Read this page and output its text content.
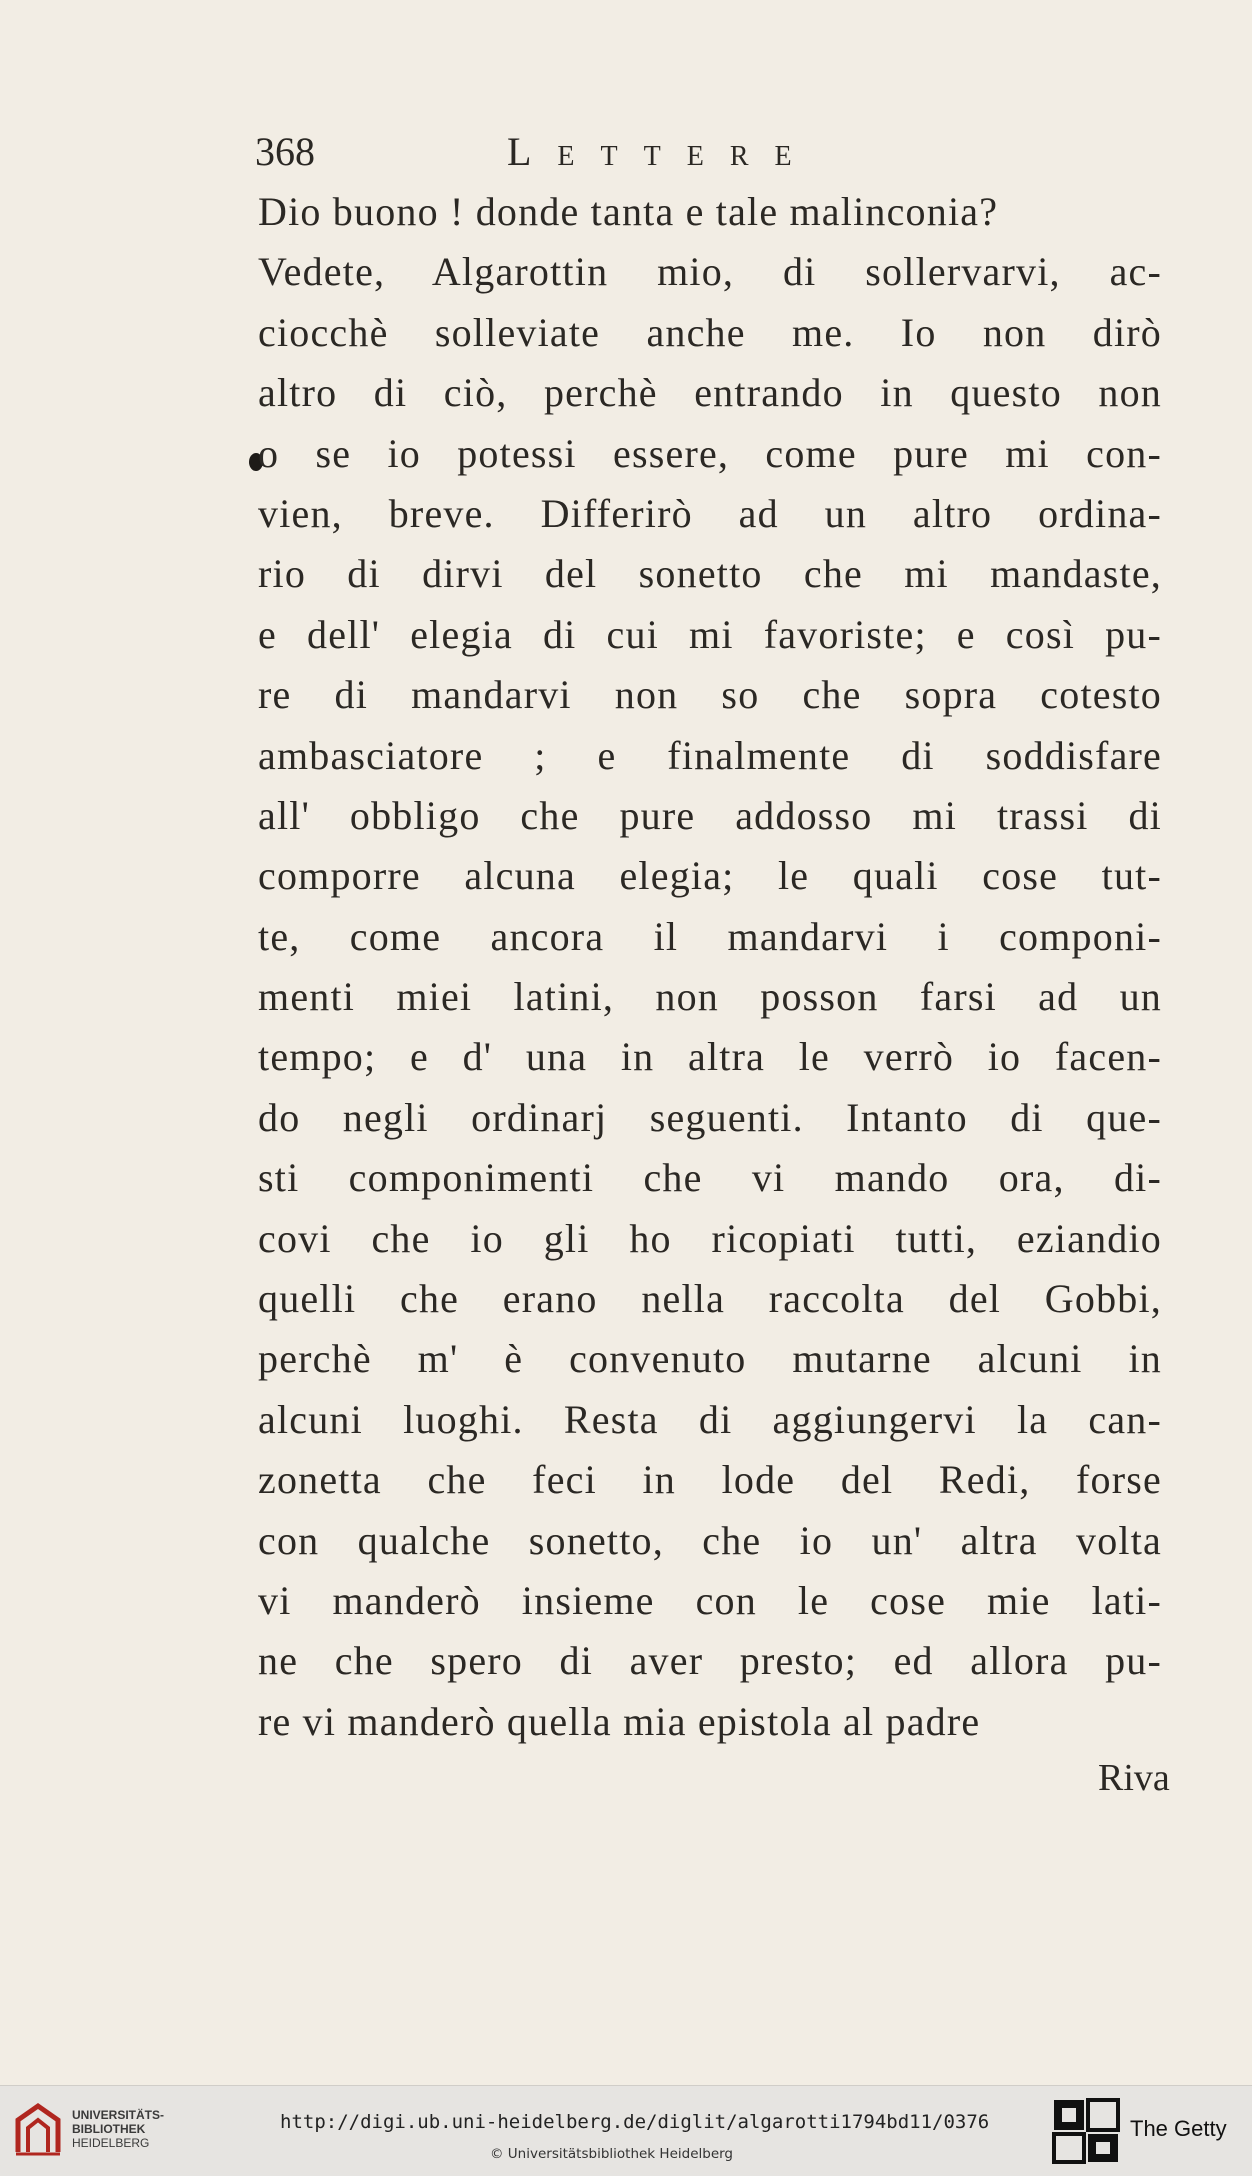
368	Lettere
Dio buono ! donde tanta e tale malinconia?
Vedete, Algarottin mio, di sollervarvi, ac-
ciocchè solleviate anche me. Io non dirò
altro di ciò, perchè entrando in questo non
o se io potessi essere, come pure mi con-
vien, breve. Differirò ad un altro ordina-
rio di dirvi del sonetto che mi mandaste,
e dell' elegia di cui mi favoriste; e così pu-
re di mandarvi non so che sopra cotesto
ambasciatore ; e finalmente di soddisfare
all' obbligo che pure addosso mi trassi di
comporre alcuna elegia; le quali cose tut-
te, come ancora il mandarvi i componi-
menti miei latini, non posson farsi ad un
tempo; e d' una in altra le verrò io facen-
do negli ordinarj seguenti. Intanto di que-
sti componimenti che vi mando ora, di-
covi che io gli ho ricopiati tutti, eziandio
quelli che erano nella raccolta del Gobbi,
perchè m' è convenuto mutarne alcuni in
alcuni luoghi. Resta di aggiungervi la can-
zonetta che feci in lode del Redi, forse
con qualche sonetto, che io un' altra volta
vi manderò insieme con le cose mie lati-
ne che spero di aver presto; ed allora pu-
re vi manderò quella mia epistola al padre
Riva
UNIVERSITÄTS-
BIBLIOTHEK
HEIDELBERG
http://digi.ub.uni-heidelberg.de/diglit/algarotti1794bd11/0376
© Universitätsbibliothek Heidelberg
The Getty
